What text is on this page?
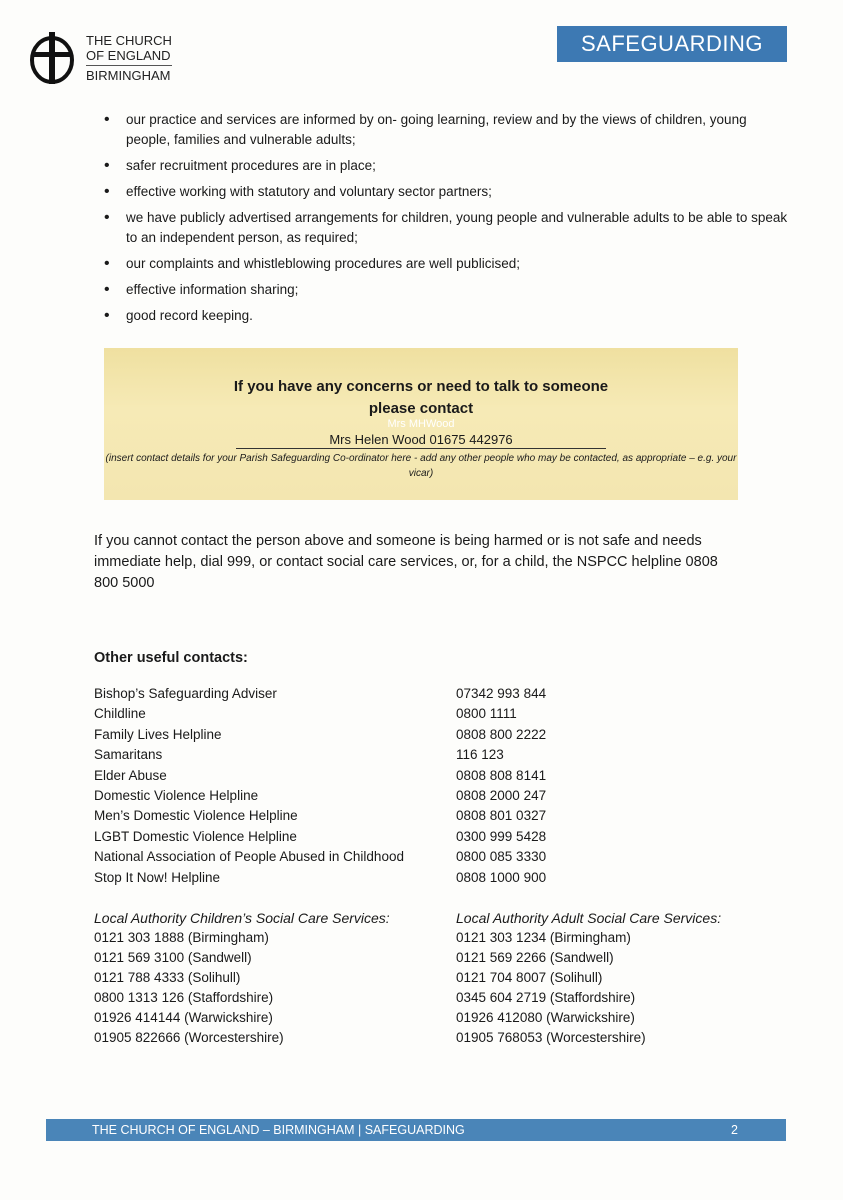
THE CHURCH
OF ENGLAND
BIRMINGHAM
SAFEGUARDING
• our practice and services are informed by on- going learning, review and by the views of children, young people, families and vulnerable adults;
• safer recruitment procedures are in place;
• effective working with statutory and voluntary sector partners;
• we have publicly advertised arrangements for children, young people and vulnerable adults to be able to speak to an independent person, as required;
• our complaints and whistleblowing procedures are well publicised;
• effective information sharing;
• good record keeping.
If you have any concerns or need to talk to someone
please contact
Mrs MHWood
Mrs Helen Wood 01675 442976
(insert contact details for your Parish Safeguarding Co-ordinator here - add any other people who may be contacted, as appropriate – e.g. your vicar)
If you cannot contact the person above and someone is being harmed or is not safe and needs immediate help, dial 999, or contact social care services, or, for a child, the NSPCC helpline 0808 800 5000
Other useful contacts:
Bishop’s Safeguarding Adviser	07342 993 844
Childline	0800 1111
Family Lives Helpline	0808 800 2222
Samaritans	116 123
Elder Abuse	0808 808 8141
Domestic Violence Helpline	0808 2000 247
Men’s Domestic Violence Helpline	0808 801 0327
LGBT Domestic Violence Helpline	0300 999 5428
National Association of People Abused in Childhood	0800 085 3330
Stop It Now! Helpline	0808 1000 900
Local Authority Children’s Social Care Services:
0121 303 1888 (Birmingham)
0121 569 3100 (Sandwell)
0121 788 4333 (Solihull)
0800 1313 126 (Staffordshire)
01926 414144 (Warwickshire)
01905 822666 (Worcestershire)
Local Authority Adult Social Care Services:
0121 303 1234 (Birmingham)
0121 569 2266 (Sandwell)
0121 704 8007 (Solihull)
0345 604 2719 (Staffordshire)
01926 412080 (Warwickshire)
01905 768053 (Worcestershire)
THE CHURCH OF ENGLAND – BIRMINGHAM | SAFEGUARDING	2
